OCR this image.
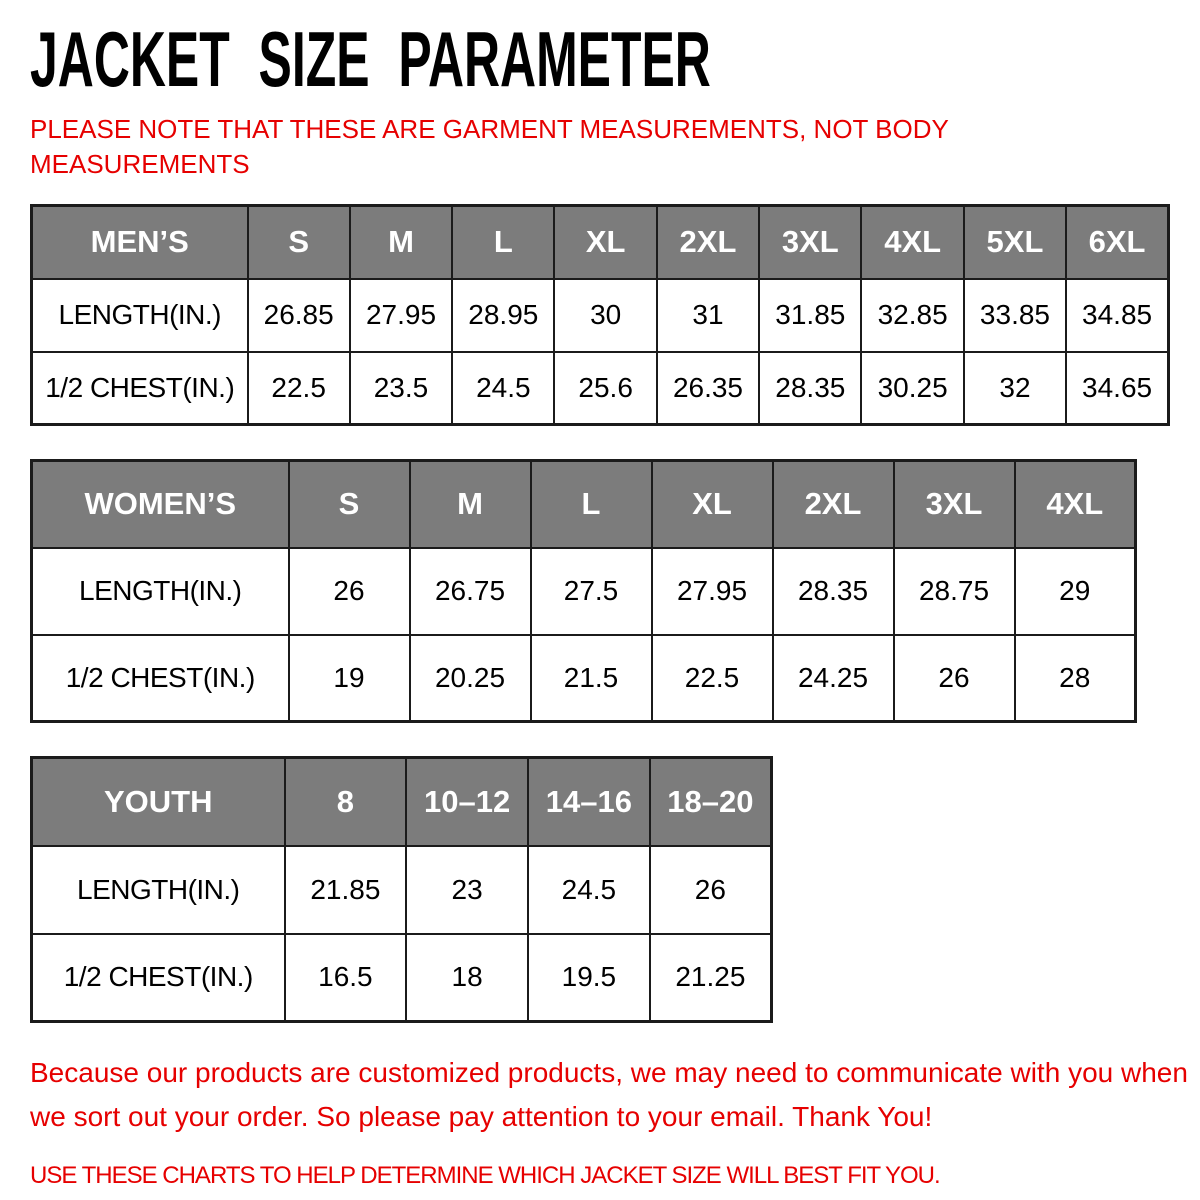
JACKET SIZE PARAMETER
PLEASE NOTE THAT THESE ARE GARMENT MEASUREMENTS, NOT BODY MEASUREMENTS
MEN’S	S	M	L	XL	2XL	3XL	4XL	5XL	6XL
LENGTH(IN.)	26.85	27.95	28.95	30	31	31.85	32.85	33.85	34.85
1/2 CHEST(IN.)	22.5	23.5	24.5	25.6	26.35	28.35	30.25	32	34.65
WOMEN’S	S	M	L	XL	2XL	3XL	4XL
LENGTH(IN.)	26	26.75	27.5	27.95	28.35	28.75	29
1/2 CHEST(IN.)	19	20.25	21.5	22.5	24.25	26	28
YOUTH	8	10–12	14–16	18–20
LENGTH(IN.)	21.85	23	24.5	26
1/2 CHEST(IN.)	16.5	18	19.5	21.25
Because our products are customized products, we may need to communicate with you when we sort out your order. So please pay attention to your email. Thank You!
USE THESE CHARTS TO HELP DETERMINE WHICH JACKET SIZE WILL BEST FIT YOU.
